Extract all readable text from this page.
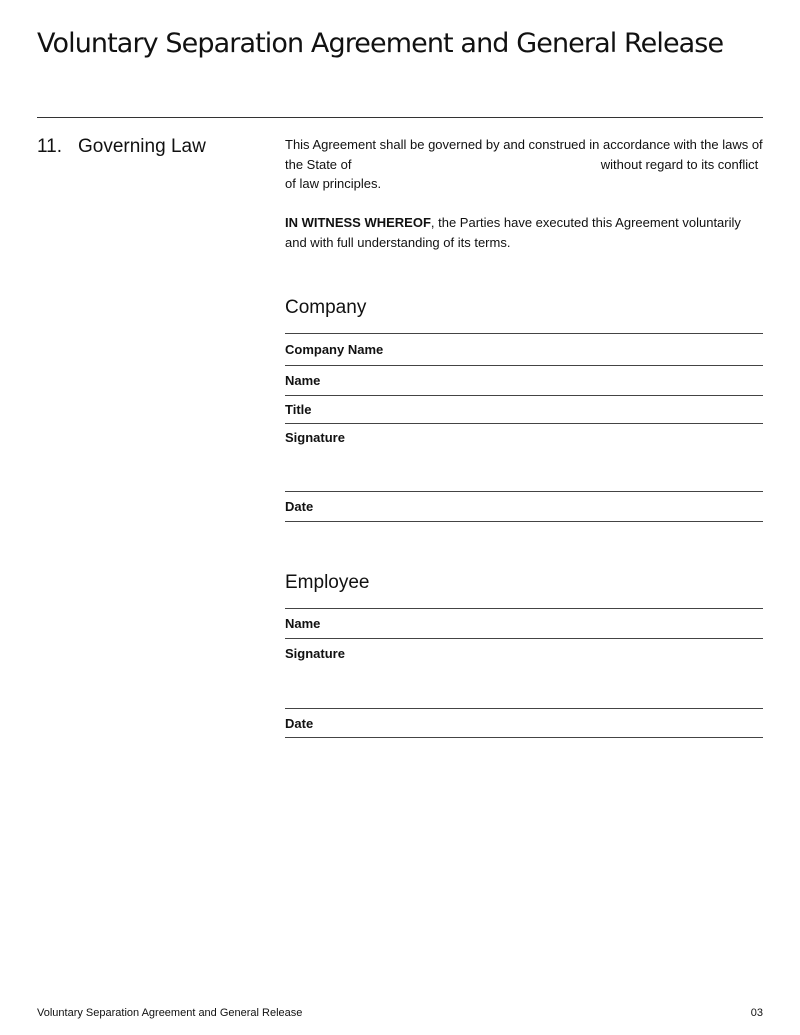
Voluntary Separation Agreement and General Release
11. Governing Law	This Agreement shall be governed by and construed in accordance with the laws of the State of	without regard to its conflict of law principles.

IN WITNESS WHEREOF, the Parties have executed this Agreement voluntarily and with full understanding of its terms.

Company
Company Name
Name
Title
Signature
Date
Employee
Name
Signature
Date
Voluntary Separation Agreement and General Release	03
